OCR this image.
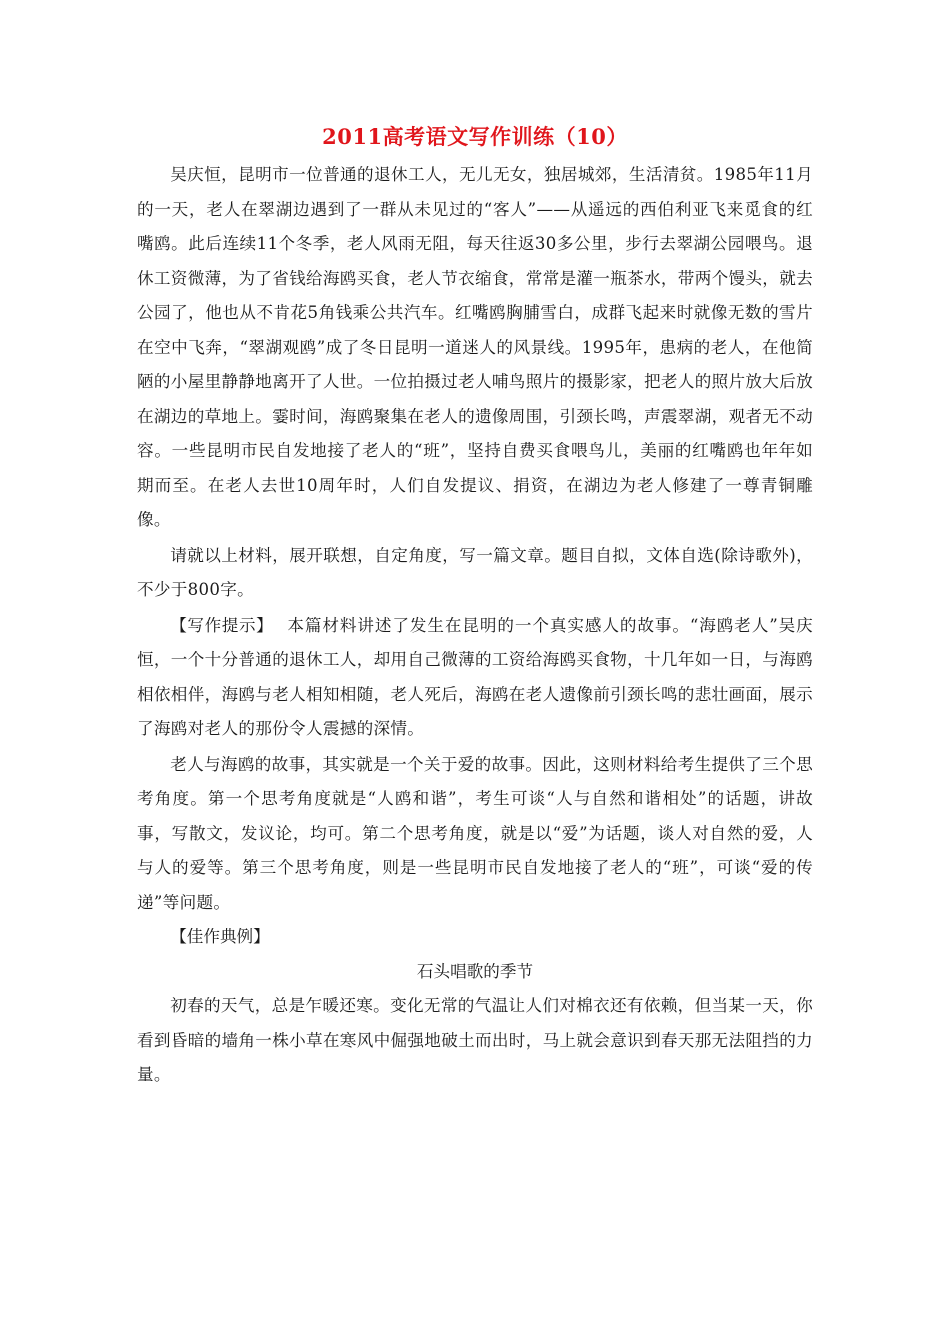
2011高考语文写作训练（10）

吴庆恒，昆明市一位普通的退休工人，无儿无女，独居城郊，生活清贫。1985年11月的一天，老人在翠湖边遇到了一群从未见过的“客人”——从遥远的西伯利亚飞来觅食的红嘴鸥。此后连续11个冬季，老人风雨无阻，每天往返30多公里，步行去翠湖公园喂鸟。退休工资微薄，为了省钱给海鸥买食，老人节衣缩食，常常是灌一瓶茶水，带两个馒头，就去公园了，他也从不肯花5角钱乘公共汽车。红嘴鸥胸脯雪白，成群飞起来时就像无数的雪片在空中飞奔，“翠湖观鸥”成了冬日昆明一道迷人的风景线。1995年，患病的老人，在他简陋的小屋里静静地离开了人世。一位拍摄过老人哺鸟照片的摄影家，把老人的照片放大后放在湖边的草地上。霎时间，海鸥聚集在老人的遗像周围，引颈长鸣，声震翠湖，观者无不动容。一些昆明市民自发地接了老人的“班”，坚持自费买食喂鸟儿，美丽的红嘴鸥也年年如期而至。在老人去世10周年时，人们自发提议、捐资，在湖边为老人修建了一尊青铜雕像。

请就以上材料，展开联想，自定角度，写一篇文章。题目自拟，文体自选(除诗歌外)，不少于800字。

【写作提示】 本篇材料讲述了发生在昆明的一个真实感人的故事。“海鸥老人”吴庆恒，一个十分普通的退休工人，却用自己微薄的工资给海鸥买食物，十几年如一日，与海鸥相依相伴，海鸥与老人相知相随，老人死后，海鸥在老人遗像前引颈长鸣的悲壮画面，展示了海鸥对老人的那份令人震撼的深情。

老人与海鸥的故事，其实就是一个关于爱的故事。因此，这则材料给考生提供了三个思考角度。第一个思考角度就是“人鸥和谐”，考生可谈“人与自然和谐相处”的话题，讲故事，写散文，发议论，均可。第二个思考角度，就是以“爱”为话题，谈人对自然的爱，人与人的爱等。第三个思考角度，则是一些昆明市民自发地接了老人的“班”，可谈“爱的传递”等问题。

【佳作典例】

石头唱歌的季节

初春的天气，总是乍暖还寒。变化无常的气温让人们对棉衣还有依赖，但当某一天，你看到昏暗的墙角一株小草在寒风中倔强地破土而出时，马上就会意识到春天那无法阻挡的力量。
